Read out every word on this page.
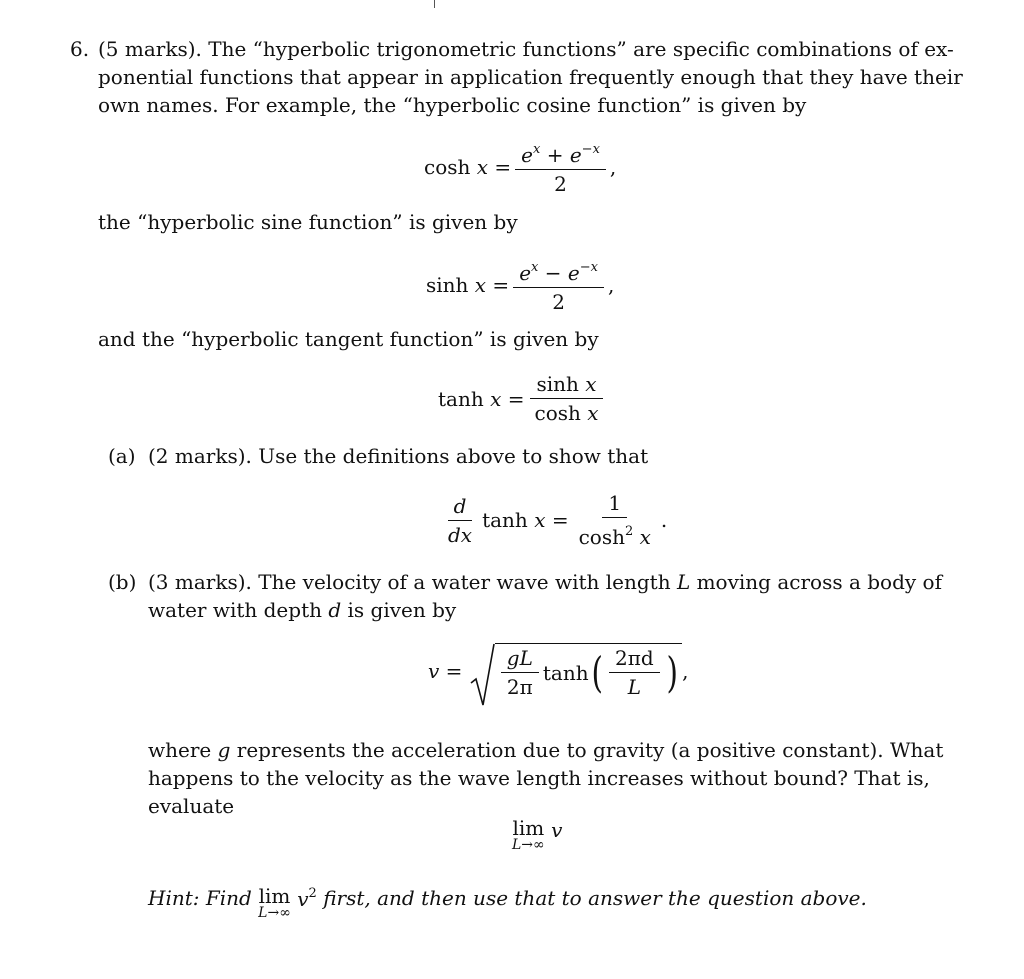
6. (5 marks). The “hyperbolic trigonometric functions” are specific combinations of ex-
ponential functions that appear in application frequently enough that they have their
own names. For example, the “hyperbolic cosine function” is given by
cosh
x
= $\frac{e^x + e^{-x}}{2}$ ,
the “hyperbolic sine function” is given by
sinh
x
= $\frac{e^x - e^{-x}}{2}$ ,
and the “hyperbolic tangent function” is given by
tanh
x
= $\frac{\text{sinh x}}{\text{cosh x}}$
(a) (2 marks). Use the definitions above to show that
$\frac{d}{dx}$ tanh
x
= $\frac{1}{\cosh^2 x}$ .
(b) (3 marks). The velocity of a water wave with length L moving across a body of
water with depth d is given by
v
=
$\frac{gL}{2\pi}$ tanh ( $\frac{2\pi d}{L}$ ) ,
where g represents the acceleration due to gravity (a positive constant). What
happens to the velocity as the wave length increases without bound? That is,
evaluate
lim
L→∞

v
Hint: Find
lim
L→∞

$v^2$
first, and then use that to answer the question above.
